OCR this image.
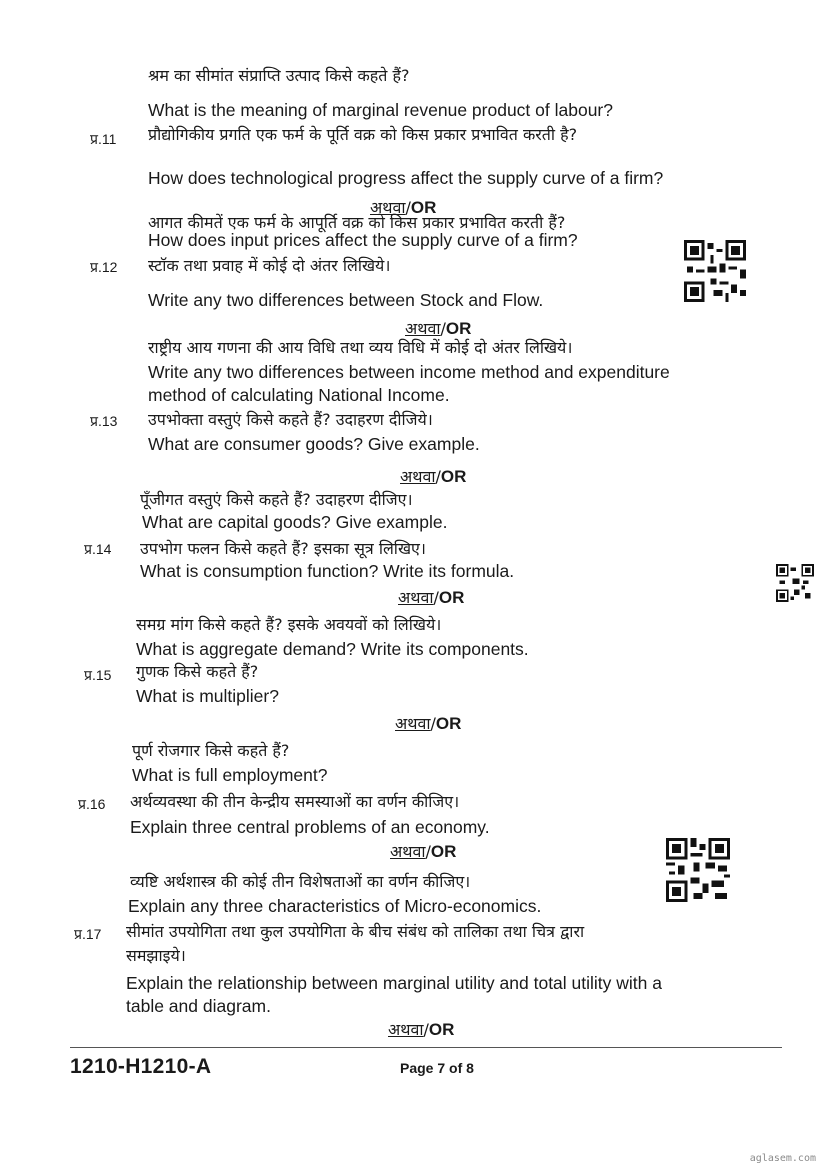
श्रम का सीमांत संप्राप्ति उत्पाद किसे कहते हैं?
What is the meaning of marginal revenue product of labour?
प्र.11 प्रौद्योगिकीय प्रगति एक फर्म के पूर्ति वक्र को किस प्रकार प्रभावित करती है?
How does technological progress affect the supply curve of a firm?
अथवा/OR
आगत कीमतें एक फर्म के आपूर्ति वक्र को किस प्रकार प्रभावित करती हैं?
How does input prices affect the supply curve of a firm?
प्र.12 स्टॉक तथा प्रवाह में कोई दो अंतर लिखिये।
Write any two differences between Stock and Flow.
अथवा/OR
राष्ट्रीय आय गणना की आय विधि तथा व्यय विधि में कोई दो अंतर लिखिये।
Write any two differences between income method and expenditure
method of calculating National Income.
प्र.13 उपभोक्ता वस्तुएं किसे कहते हैं? उदाहरण दीजिये।
What are consumer goods? Give example.
अथवा/OR
पूँजीगत वस्तुएं किसे कहते हैं? उदाहरण दीजिए।
What are capital goods? Give example.
प्र.14 उपभोग फलन किसे कहते हैं? इसका सूत्र लिखिए।
What is consumption function? Write its formula.
अथवा/OR
समग्र मांग किसे कहते हैं? इसके अवयवों को लिखिये।
What is aggregate demand? Write its components.
प्र.15 गुणक किसे कहते हैं?
What is multiplier?
अथवा/OR
पूर्ण रोजगार किसे कहते हैं?
What is full employment?
प्र.16 अर्थव्यवस्था की तीन केन्द्रीय समस्याओं का वर्णन कीजिए।
Explain three central problems of an economy.
अथवा/OR
व्यष्टि अर्थशास्त्र की कोई तीन विशेषताओं का वर्णन कीजिए।
Explain any three characteristics of Micro-economics.
प्र.17 सीमांत उपयोगिता तथा कुल उपयोगिता के बीच संबंध को तालिका तथा चित्र द्वारा
समझाइये।
Explain the relationship between marginal utility and total utility with a
table and diagram.
अथवा/OR
1210-H1210-A	Page 7 of 8
aglasem.com
